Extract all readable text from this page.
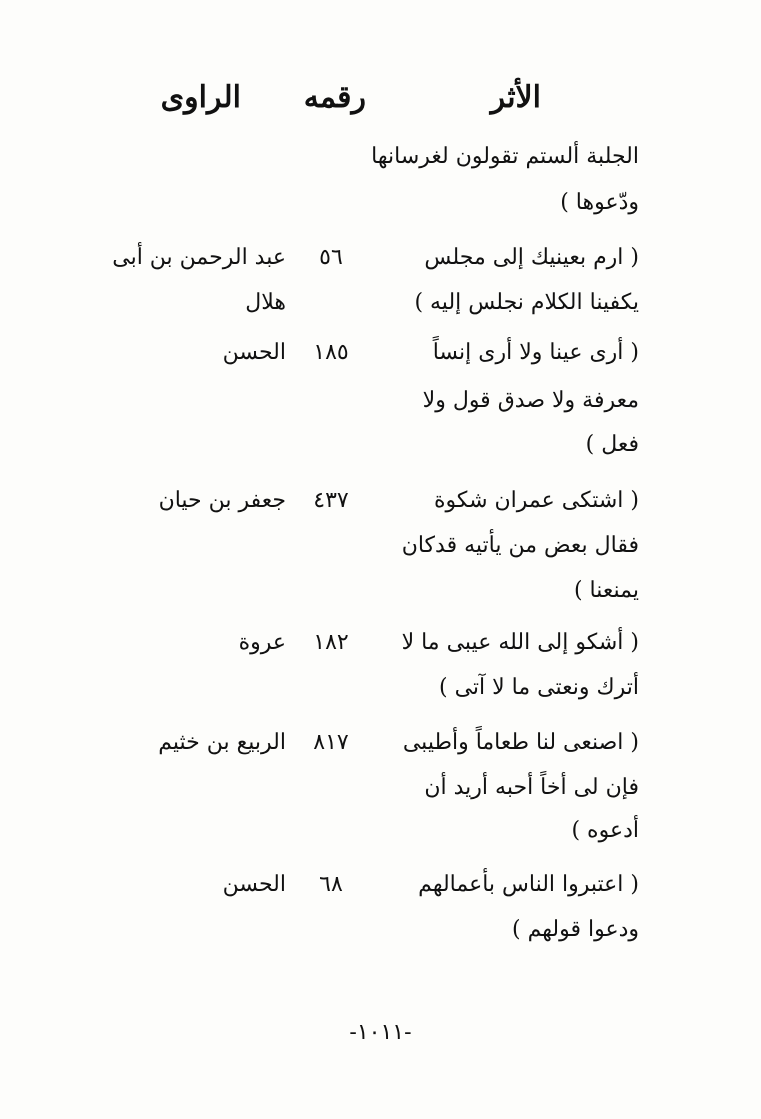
الأثر
رقمه
الراوى
الجلبة ألستم تقولون لغرسانها
ودّعوها )
( ارم بعينيك إلى مجلس
٥٦
عبد الرحمن بن أبى
يكفينا الكلام نجلس إليه )
هلال
( أرى عينا ولا أرى إنساً
١٨٥
الحسن
معرفة ولا صدق قول ولا
فعل )
( اشتكى عمران شكوة
٤٣٧
جعفر بن حيان
فقال بعض من يأتيه قدكان
يمنعنا )
( أشكو إلى الله عيبى ما لا
١٨٢
عروة
أترك ونعتى ما لا آتى )
( اصنعى لنا طعاماً وأطيبى
٨١٧
الربيع بن خثيم
فإن لى أخاً أحبه أريد أن
أدعوه )
( اعتبروا الناس بأعمالهم
٦٨
الحسن
ودعوا قولهم )
-١٠١١-
